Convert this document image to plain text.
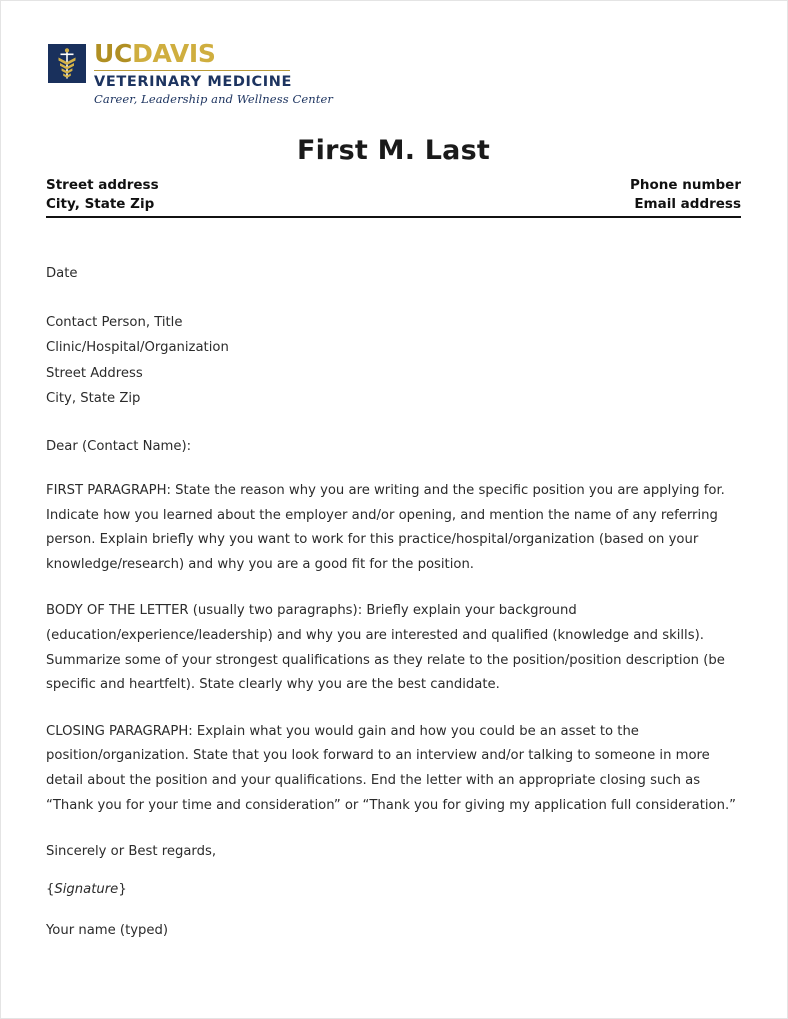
UCDAVIS
VETERINARY MEDICINE
Career, Leadership and Wellness Center
First M. Last
Street address	Phone number
City, State Zip	Email address
Date
Contact Person, Title
Clinic/Hospital/Organization
Street Address
City, State Zip
Dear (Contact Name):

FIRST PARAGRAPH: State the reason why you are writing and the specific position you are applying for. Indicate how you learned about the employer and/or opening, and mention the name of any referring person. Explain briefly why you want to work for this practice/hospital/organization (based on your knowledge/research) and why you are a good fit for the position.

BODY OF THE LETTER (usually two paragraphs): Briefly explain your background (education/experience/leadership) and why you are interested and qualified (knowledge and skills). Summarize some of your strongest qualifications as they relate to the position/position description (be specific and heartfelt). State clearly why you are the best candidate.

CLOSING PARAGRAPH: Explain what you would gain and how you could be an asset to the position/organization. State that you look forward to an interview and/or talking to someone in more detail about the position and your qualifications. End the letter with an appropriate closing such as “Thank you for your time and consideration” or “Thank you for giving my application full consideration.”

Sincerely or Best regards,
{Signature}
Your name (typed)
